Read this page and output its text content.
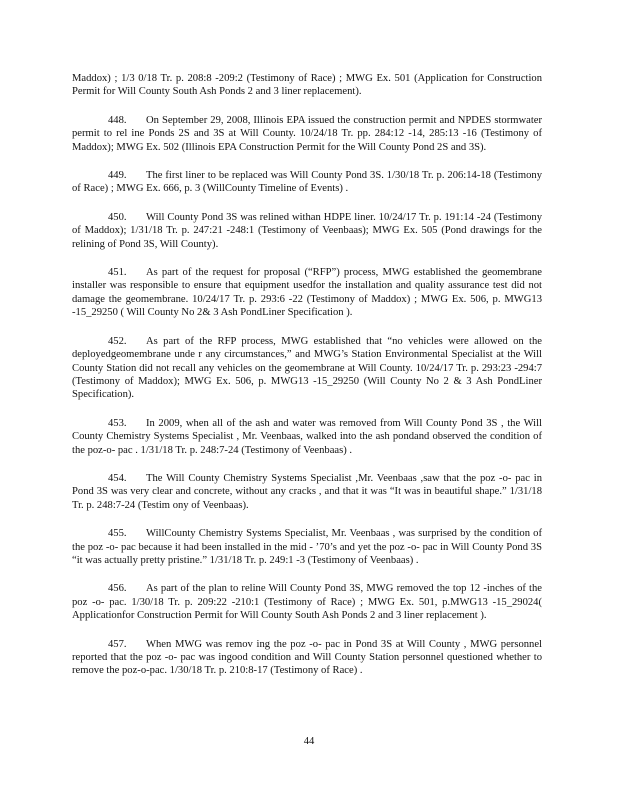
Maddox) ; 1/3 0/18 Tr. p. 208:8 -209:2 (Testimony of Race) ; MWG Ex. 501 (Application for Construction Permit for Will County South Ash Ponds 2 and 3 liner replacement).

448. On September 29, 2008, Illinois EPA issued the construction permit and NPDES stormwater permit to rel ine Ponds 2S and 3S at Will County. 10/24/18 Tr. pp. 284:12 -14, 285:13 -16 (Testimony of Maddox); MWG Ex. 502 (Illinois EPA Construction Permit for the Will County Pond 2S and 3S).

449. The first liner to be replaced was Will County Pond 3S. 1/30/18 Tr. p. 206:14-18 (Testimony of Race) ; MWG Ex. 666, p. 3 (WillCounty Timeline of Events) .

450. Will County Pond 3S was relined withan HDPE liner. 10/24/17 Tr. p. 191:14 -24 (Testimony of Maddox); 1/31/18 Tr. p. 247:21 -248:1 (Testimony of Veenbaas); MWG Ex. 505 (Pond drawings for the relining of Pond 3S, Will County).

451. As part of the request for proposal (“RFP”) process, MWG established the geomembrane installer was responsible to ensure that equipment usedfor the installation and quality assurance test did not damage the geomembrane. 10/24/17 Tr. p. 293:6 -22 (Testimony of Maddox) ; MWG Ex. 506, p. MWG13 -15_29250 ( Will County No 2& 3 Ash PondLiner Specification ).

452. As part of the RFP process, MWG established that “no vehicles were allowed on the deployedgeomembrane unde r any circumstances,” and MWG’s Station Environmental Specialist at the Will County Station did not recall any vehicles on the geomembrane at Will County. 10/24/17 Tr. p. 293:23 -294:7 (Testimony of Maddox); MWG Ex. 506, p. MWG13 -15_29250 (Will County No 2 & 3 Ash PondLiner Specification).

453. In 2009, when all of the ash and water was removed from Will County Pond 3S , the Will County Chemistry Systems Specialist , Mr. Veenbaas, walked into the ash pondand observed the condition of the poz-o- pac . 1/31/18 Tr. p. 248:7-24 (Testimony of Veenbaas) .

454. The Will County Chemistry Systems Specialist ,Mr. Veenbaas ,saw that the poz -o- pac in Pond 3S was very clear and concrete, without any cracks , and that it was “It was in beautiful shape.” 1/31/18 Tr. p. 248:7-24 (Testim ony of Veenbaas).

455. WillCounty Chemistry Systems Specialist, Mr. Veenbaas , was surprised by the condition of the poz -o- pac because it had been installed in the mid - ’70’s and yet the poz -o- pac in Will County Pond 3S “it was actually pretty pristine.” 1/31/18 Tr. p. 249:1 -3 (Testimony of Veenbaas) .

456. As part of the plan to reline Will County Pond 3S, MWG removed the top 12 -inches of the poz -o- pac. 1/30/18 Tr. p. 209:22 -210:1 (Testimony of Race) ; MWG Ex. 501, p.MWG13 -15_29024( Applicationfor Construction Permit for Will County South Ash Ponds 2 and 3 liner replacement ).

457. When MWG was remov ing the poz -o- pac in Pond 3S at Will County , MWG personnel reported that the poz -o- pac was ingood condition and Will County Station personnel questioned whether to remove the poz-o-pac. 1/30/18 Tr. p. 210:8-17 (Testimony of Race) .

44
